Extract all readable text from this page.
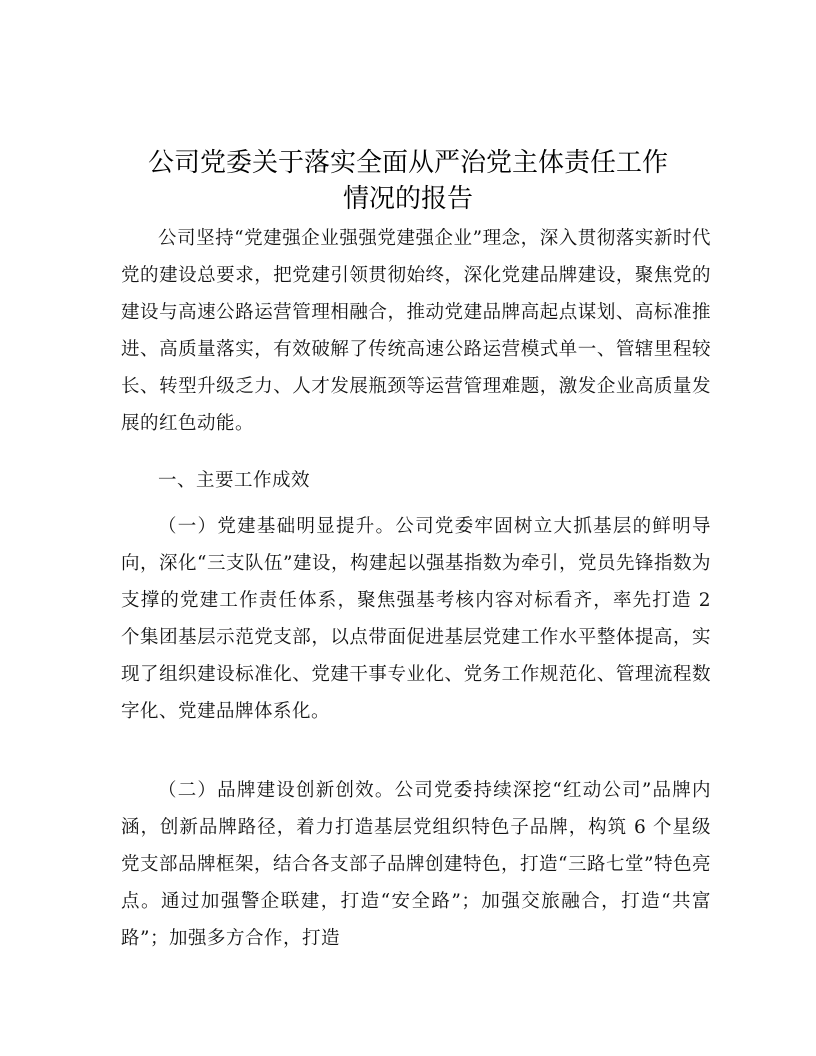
公司党委关于落实全面从严治党主体责任工作
情况的报告

公司坚持“党建强企业强强党建强企业”理念，深入贯彻落实新时代党的建设总要求，把党建引领贯彻始终，深化党建品牌建设，聚焦党的建设与高速公路运营管理相融合，推动党建品牌高起点谋划、高标准推进、高质量落实，有效破解了传统高速公路运营模式单一、管辖里程较长、转型升级乏力、人才发展瓶颈等运营管理难题，激发企业高质量发展的红色动能。

一、主要工作成效

（一）党建基础明显提升。公司党委牢固树立大抓基层的鲜明导向，深化“三支队伍”建设，构建起以强基指数为牵引，党员先锋指数为支撑的党建工作责任体系，聚焦强基考核内容对标看齐，率先打造 2 个集团基层示范党支部，以点带面促进基层党建工作水平整体提高，实现了组织建设标准化、党建干事专业化、党务工作规范化、管理流程数字化、党建品牌体系化。

（二）品牌建设创新创效。公司党委持续深挖“红动公司”品牌内涵，创新品牌路径，着力打造基层党组织特色子品牌，构筑 6 个星级党支部品牌框架，结合各支部子品牌创建特色，打造“三路七堂”特色亮点。通过加强警企联建，打造“安全路”；加强交旅融合，打造“共富路”；加强多方合作，打造
